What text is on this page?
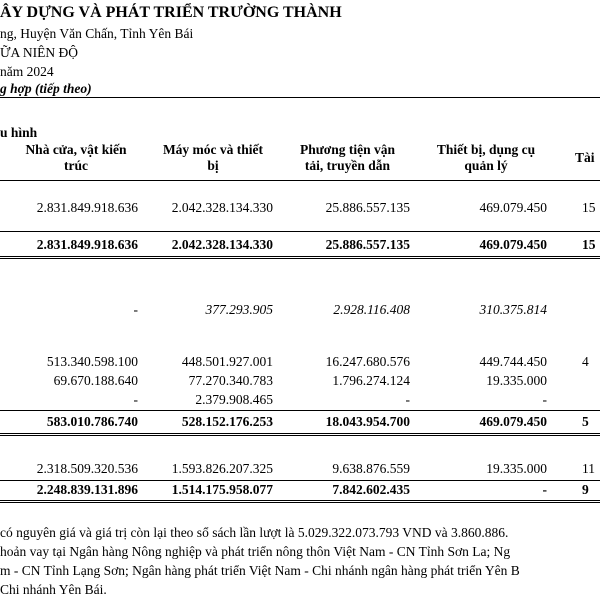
ÂY DỰNG VÀ PHÁT TRIỂN TRƯỜNG THÀNH
ng, Huyện Văn Chấn, Tỉnh Yên Bái
ỮA NIÊN ĐỘ
năm 2024
g hợp (tiếp theo)
u hình
Nhà cửa, vật kiến
trúc
Máy móc và thiết
bị
Phương tiện vận
tải, truyền dẫn
Thiết bị, dụng cụ
quản lý
Tài
2.831.849.918.636	2.042.328.134.330	25.886.557.135	469.079.450	15
2.831.849.918.636	2.042.328.134.330	25.886.557.135	469.079.450	15
-	377.293.905	2.928.116.408	310.375.814
513.340.598.100	448.501.927.001	16.247.680.576	449.744.450	4
69.670.188.640	77.270.340.783	1.796.274.124	19.335.000
-	2.379.908.465	-	-
583.010.786.740	528.152.176.253	18.043.954.700	469.079.450	5
2.318.509.320.536	1.593.826.207.325	9.638.876.559	19.335.000	11
2.248.839.131.896	1.514.175.958.077	7.842.602.435	-	9
có nguyên giá và giá trị còn lại theo sổ sách lần lượt là 5.029.322.073.793 VND và 3.860.886.
hoản vay tại Ngân hàng Nông nghiệp và phát triển nông thôn Việt Nam - CN Tỉnh Sơn La; Ng
m - CN Tỉnh Lạng Sơn; Ngân hàng phát triển Việt Nam - Chi nhánh ngân hàng phát triển Yên B
Chi nhánh Yên Bái.
